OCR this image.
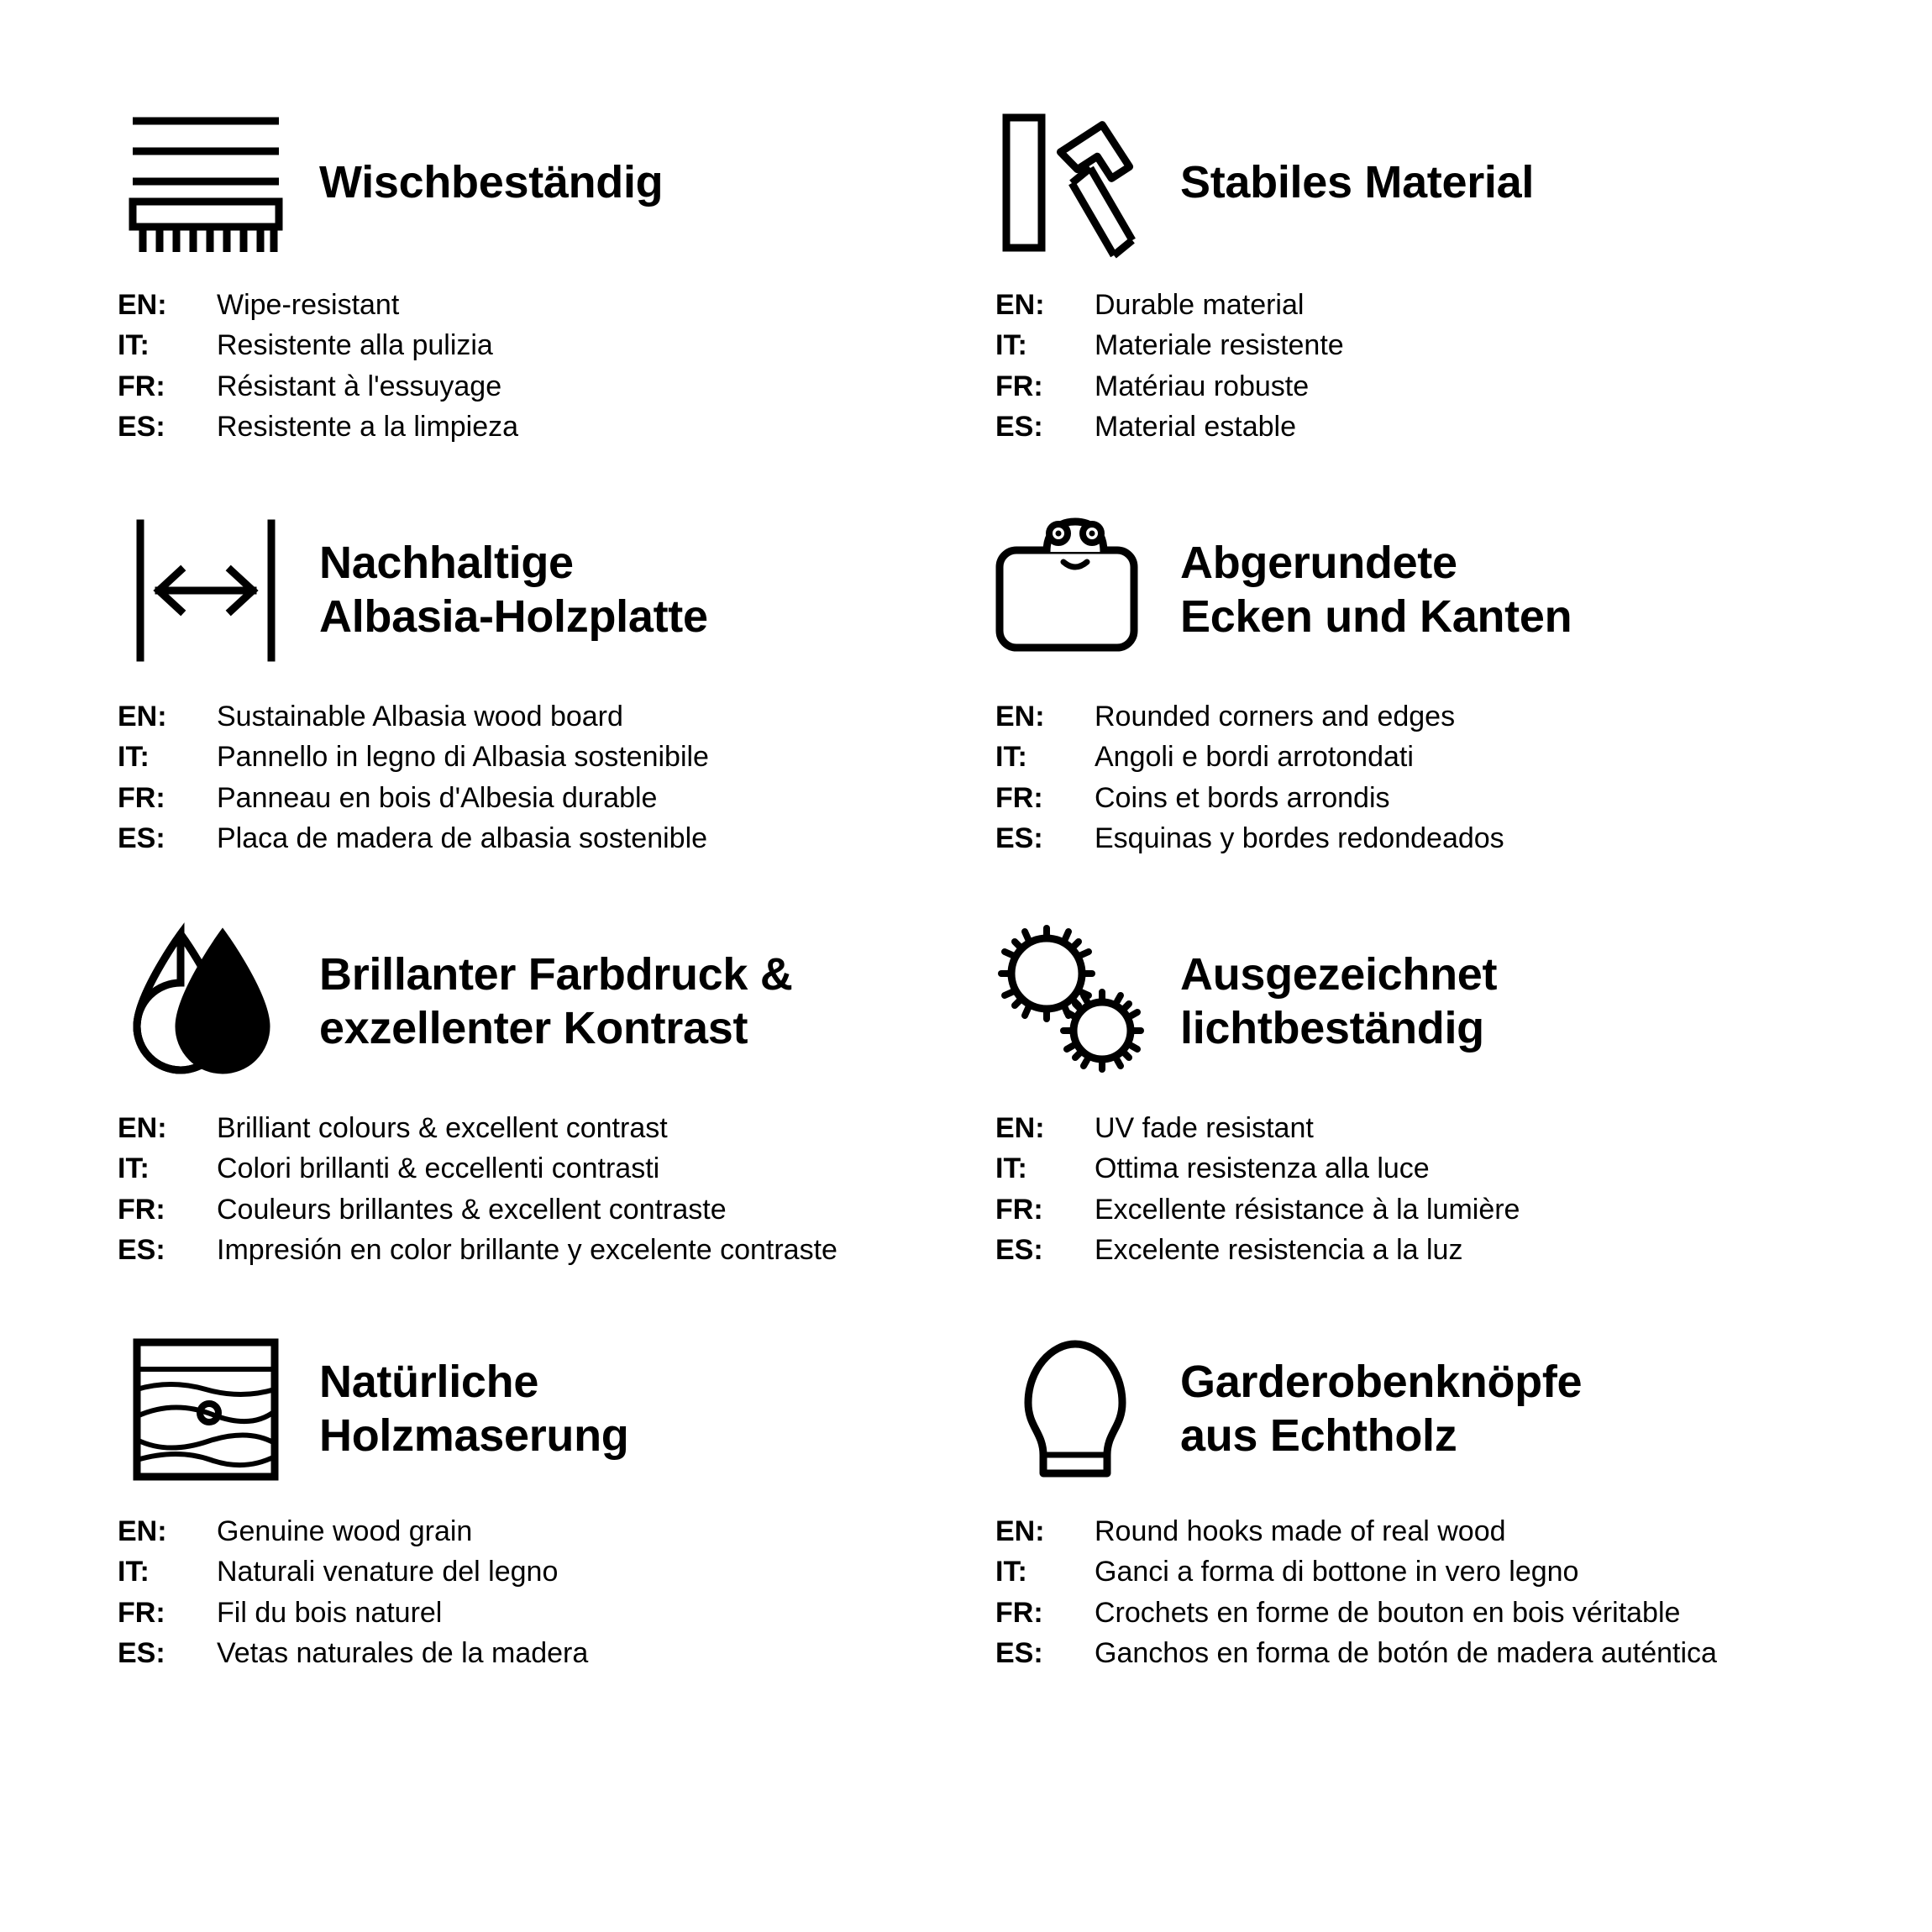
Wischbeständig
EN:	Wipe-resistant
IT:	Resistente alla pulizia
FR:	Résistant à l'essuyage
ES:	Resistente a la limpieza
Stabiles Material
EN:	Durable material
IT:	Materiale resistente
FR:	Matériau robuste
ES:	Material estable
Nachhaltige
Albasia-Holzplatte
EN:	Sustainable Albasia wood board
IT:	Pannello in legno di Albasia sostenibile
FR:	Panneau en bois d'Albesia durable
ES:	Placa de madera de albasia sostenible
Abgerundete
Ecken und Kanten
EN:	Rounded corners and edges
IT:	Angoli e bordi arrotondati
FR:	Coins et bords arrondis
ES:	Esquinas y bordes redondeados
Brillanter Farbdruck &
exzellenter Kontrast
EN:	Brilliant colours & excellent contrast
IT:	Colori brillanti & eccellenti contrasti
FR:	Couleurs brillantes & excellent contraste
ES:	Impresión en color brillante y excelente contraste
Ausgezeichnet
lichtbeständig
EN:	UV fade resistant
IT:	Ottima resistenza alla luce
FR:	Excellente résistance à la lumière
ES:	Excelente resistencia a la luz
Natürliche
Holzmaserung
EN:	Genuine wood grain
IT:	Naturali venature del legno
FR:	Fil du bois naturel
ES:	Vetas naturales de la madera
Garderobenknöpfe
aus Echtholz
EN:	Round hooks made of real wood
IT:	Ganci a forma di bottone in vero legno
FR:	Crochets en forme de bouton en bois véritable
ES:	Ganchos en forma de botón de madera auténtica
